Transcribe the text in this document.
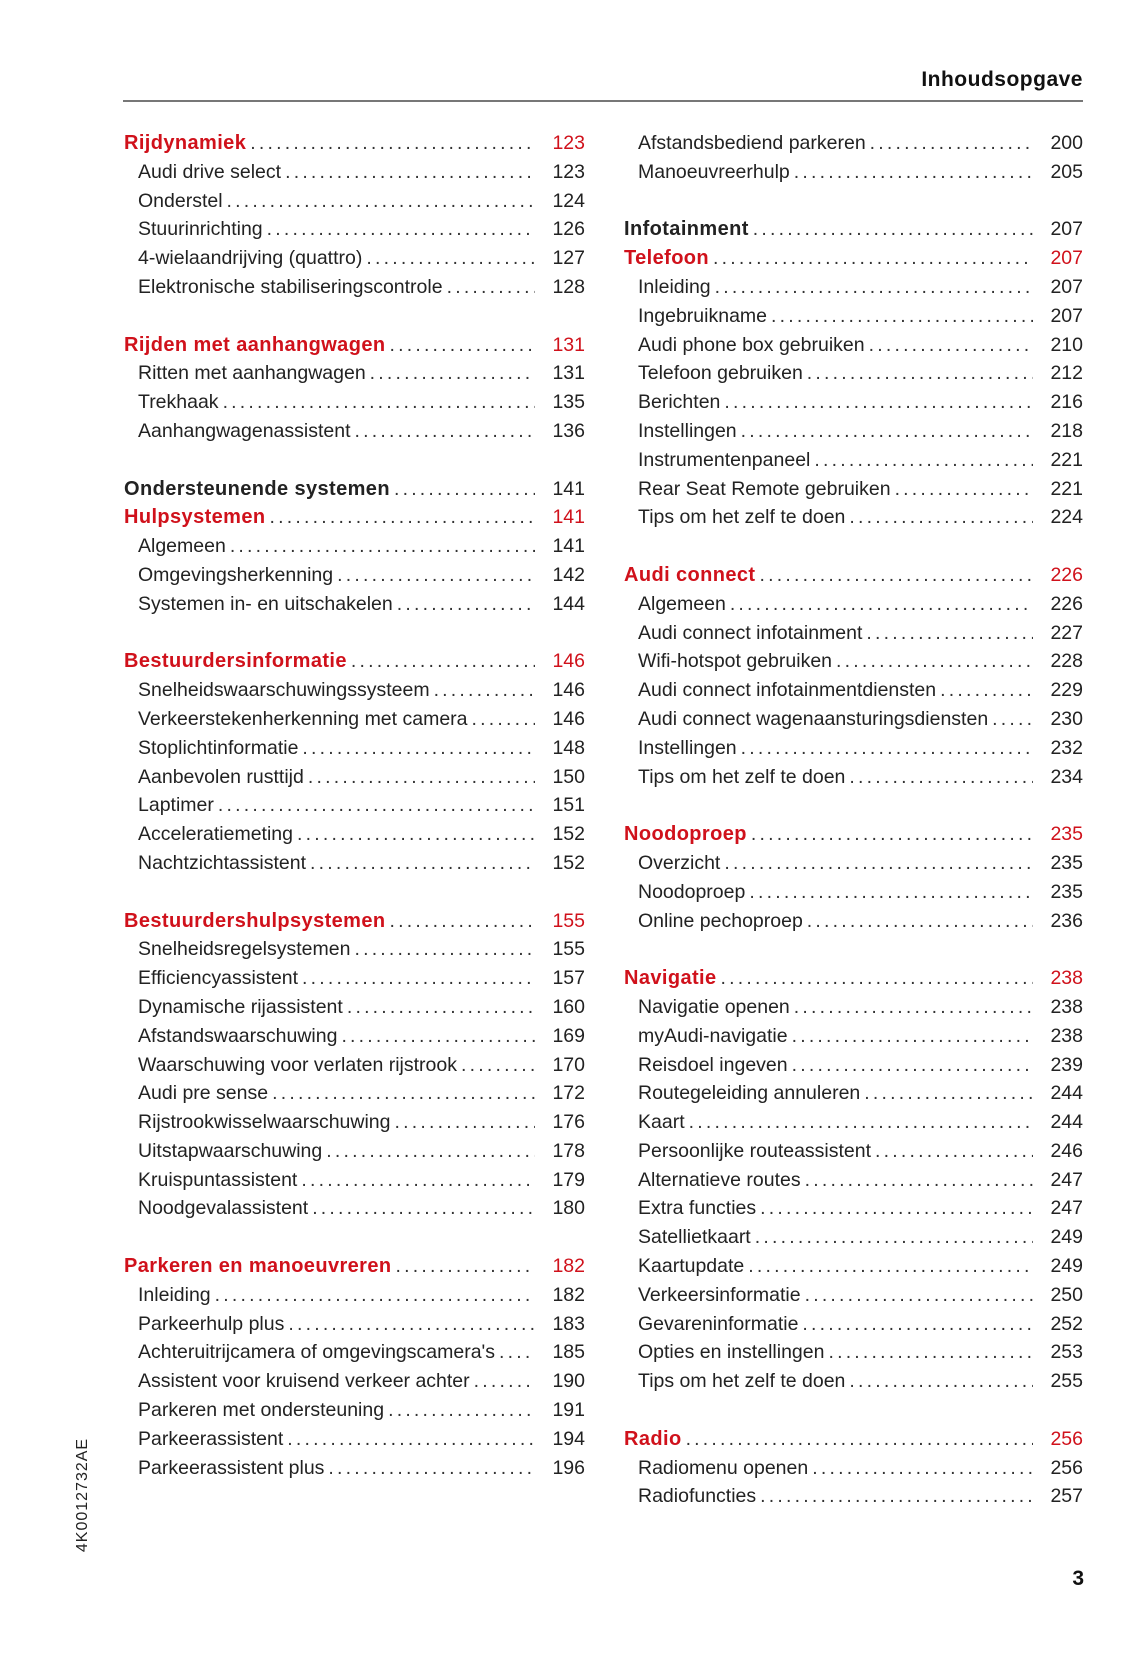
Inhoudsopgave
Rijdynamiek .....	123
Audi drive select .....	123
Onderstel .....	124
Stuurinrichting .....	126
4-wielaandrijving (quattro) .....	127
Elektronische stabiliseringscontrole .....	128
Rijden met aanhangwagen .....	131
Ritten met aanhangwagen .....	131
Trekhaak .....	135
Aanhangwagenassistent .....	136
Ondersteunende systemen .....	141
Hulpsystemen .....	141
Algemeen .....	141
Omgevingsherkenning .....	142
Systemen in- en uitschakelen .....	144
Bestuurdersinformatie .....	146
Snelheidswaarschuwingssysteem .....	146
Verkeerstekenherkenning met camera .....	146
Stoplichtinformatie .....	148
Aanbevolen rusttijd .....	150
Laptimer .....	151
Acceleratiemeting .....	152
Nachtzichtassistent .....	152
Bestuurdershulpsystemen .....	155
Snelheidsregelsystemen .....	155
Efficiencyassistent .....	157
Dynamische rijassistent .....	160
Afstandswaarschuwing .....	169
Waarschuwing voor verlaten rijstrook .....	170
Audi pre sense .....	172
Rijstrookwisselwaarschuwing .....	176
Uitstapwaarschuwing .....	178
Kruispuntassistent .....	179
Noodgevalassistent .....	180
Parkeren en manoeuvreren .....	182
Inleiding .....	182
Parkeerhulp plus .....	183
Achteruitrijcamera of omgevingscamera's .....	185
Assistent voor kruisend verkeer achter .....	190
Parkeren met ondersteuning .....	191
Parkeerassistent .....	194
Parkeerassistent plus .....	196
Afstandsbediend parkeren .....	200
Manoeuvreerhulp .....	205
Infotainment .....	207
Telefoon .....	207
Inleiding .....	207
Ingebruikname .....	207
Audi phone box gebruiken .....	210
Telefoon gebruiken .....	212
Berichten .....	216
Instellingen .....	218
Instrumentenpaneel .....	221
Rear Seat Remote gebruiken .....	221
Tips om het zelf te doen .....	224
Audi connect .....	226
Algemeen .....	226
Audi connect infotainment .....	227
Wifi-hotspot gebruiken .....	228
Audi connect infotainmentdiensten .....	229
Audi connect wagenaansturingsdiensten .....	230
Instellingen .....	232
Tips om het zelf te doen .....	234
Noodoproep .....	235
Overzicht .....	235
Noodoproep .....	235
Online pechoproep .....	236
Navigatie .....	238
Navigatie openen .....	238
myAudi-navigatie .....	238
Reisdoel ingeven .....	239
Routegeleiding annuleren .....	244
Kaart .....	244
Persoonlijke routeassistent .....	246
Alternatieve routes .....	247
Extra functies .....	247
Satellietkaart .....	249
Kaartupdate .....	249
Verkeersinformatie .....	250
Gevareninformatie .....	252
Opties en instellingen .....	253
Tips om het zelf te doen .....	255
Radio .....	256
Radiomenu openen .....	256
Radiofuncties .....	257
3
4K0012732AE
